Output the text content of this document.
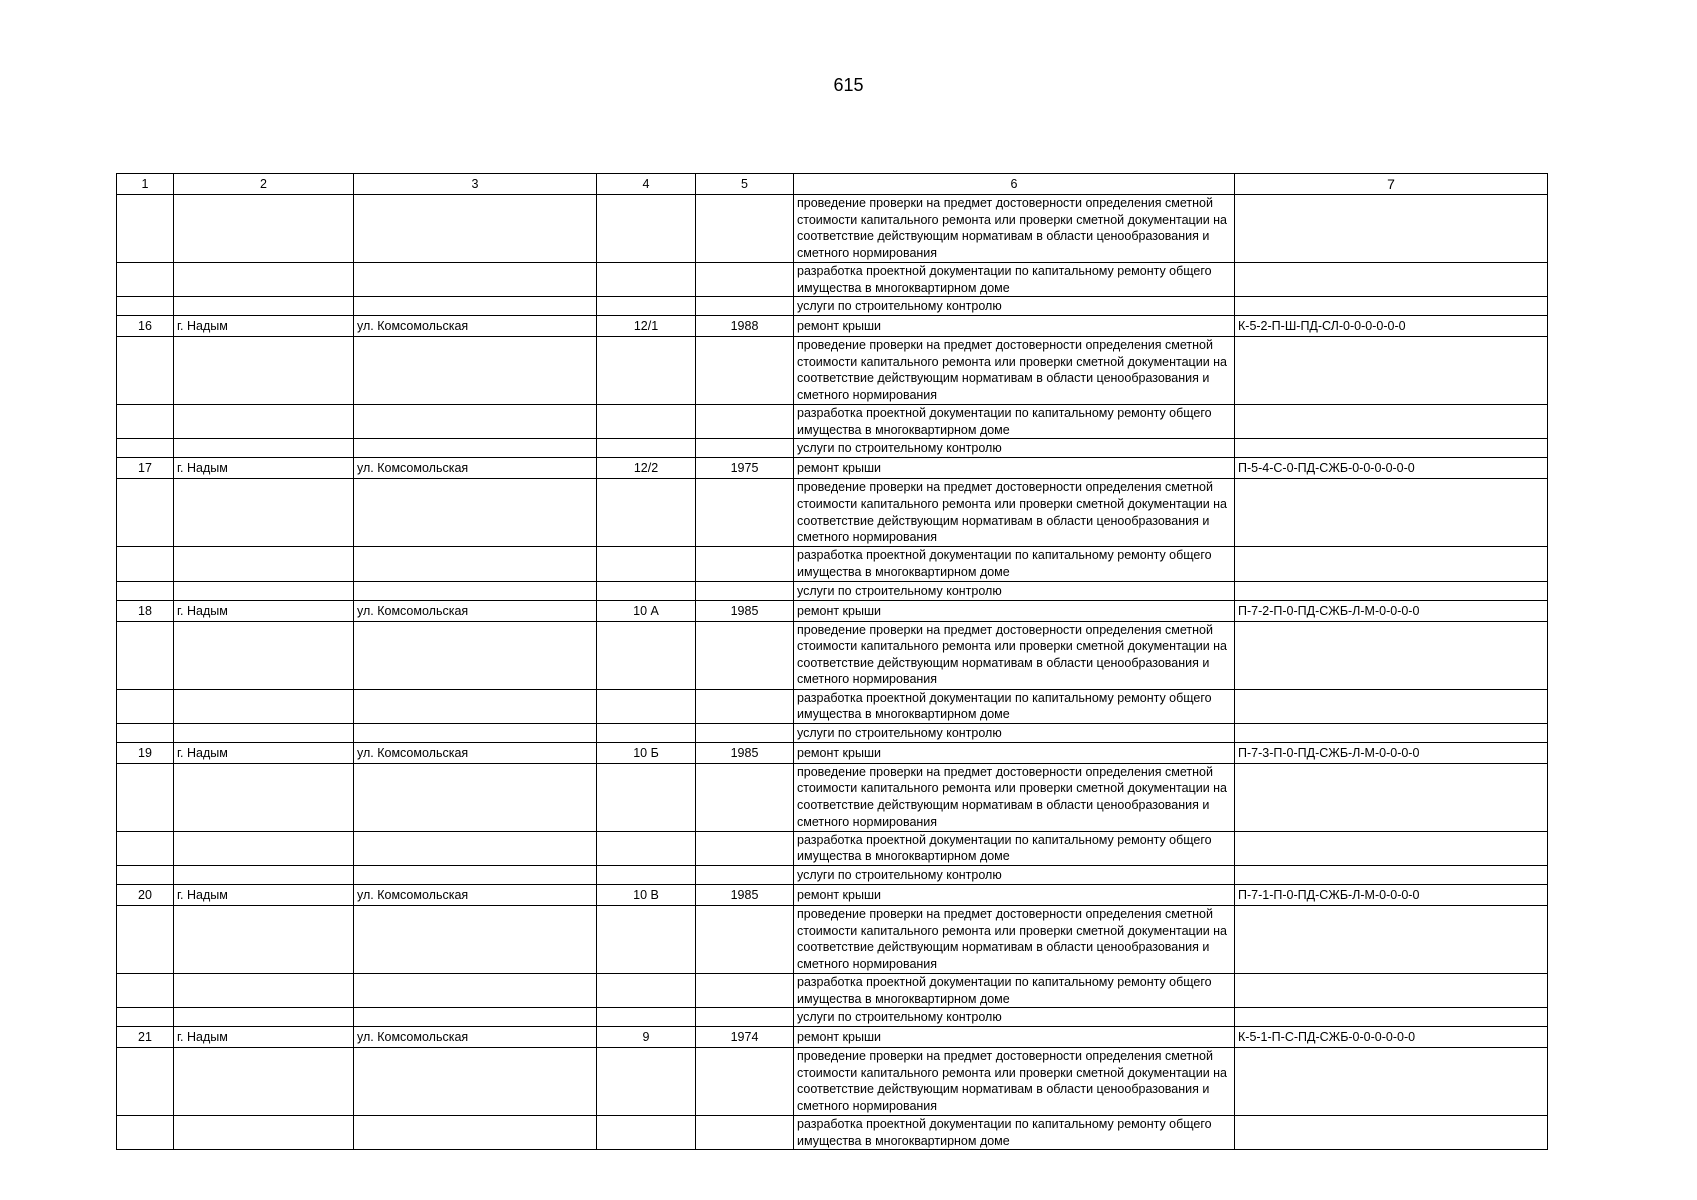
615
1	2	3	4	5	6	7
					проведение проверки на предмет достоверности определения сметной стоимости капитального ремонта или проверки сметной документации на соответствие действующим нормативам в области ценообразования и сметного нормирования	
					разработка проектной документации по капитальному ремонту общего имущества в многоквартирном доме	
					услуги по строительному контролю	
16	г. Надым	ул. Комсомольская	12/1	1988	ремонт крыши	К-5-2-П-Ш-ПД-СЛ-0-0-0-0-0-0
					проведение проверки на предмет достоверности определения сметной стоимости капитального ремонта или проверки сметной документации на соответствие действующим нормативам в области ценообразования и сметного нормирования	
					разработка проектной документации по капитальному ремонту общего имущества в многоквартирном доме	
					услуги по строительному контролю	
17	г. Надым	ул. Комсомольская	12/2	1975	ремонт крыши	П-5-4-С-0-ПД-СЖБ-0-0-0-0-0-0
					проведение проверки на предмет достоверности определения сметной стоимости капитального ремонта или проверки сметной документации на соответствие действующим нормативам в области ценообразования и сметного нормирования	
					разработка проектной документации по капитальному ремонту общего имущества в многоквартирном доме	
					услуги по строительному контролю	
18	г. Надым	ул. Комсомольская	10 А	1985	ремонт крыши	П-7-2-П-0-ПД-СЖБ-Л-М-0-0-0-0
					проведение проверки на предмет достоверности определения сметной стоимости капитального ремонта или проверки сметной документации на соответствие действующим нормативам в области ценообразования и сметного нормирования	
					разработка проектной документации по капитальному ремонту общего имущества в многоквартирном доме	
					услуги по строительному контролю	
19	г. Надым	ул. Комсомольская	10 Б	1985	ремонт крыши	П-7-3-П-0-ПД-СЖБ-Л-М-0-0-0-0
					проведение проверки на предмет достоверности определения сметной стоимости капитального ремонта или проверки сметной документации на соответствие действующим нормативам в области ценообразования и сметного нормирования	
					разработка проектной документации по капитальному ремонту общего имущества в многоквартирном доме	
					услуги по строительному контролю	
20	г. Надым	ул. Комсомольская	10 В	1985	ремонт крыши	П-7-1-П-0-ПД-СЖБ-Л-М-0-0-0-0
					проведение проверки на предмет достоверности определения сметной стоимости капитального ремонта или проверки сметной документации на соответствие действующим нормативам в области ценообразования и сметного нормирования	
					разработка проектной документации по капитальному ремонту общего имущества в многоквартирном доме	
					услуги по строительному контролю	
21	г. Надым	ул. Комсомольская	9	1974	ремонт крыши	К-5-1-П-С-ПД-СЖБ-0-0-0-0-0-0
					проведение проверки на предмет достоверности определения сметной стоимости капитального ремонта или проверки сметной документации на соответствие действующим нормативам в области ценообразования и сметного нормирования	
					разработка проектной документации по капитальному ремонту общего имущества в многоквартирном доме	
